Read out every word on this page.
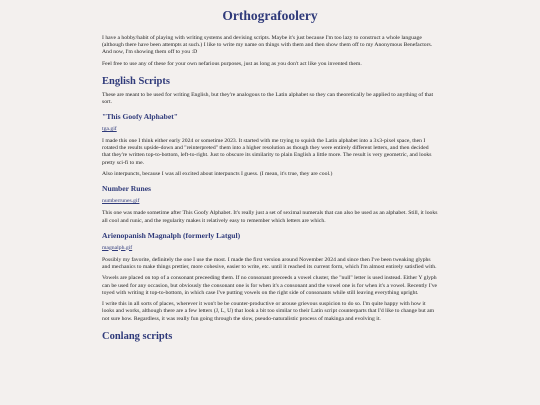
Orthografoolery

I have a hobby/habit of playing with writing systems and devising scripts. Maybe it's just because I'm too lazy to construct a whole language (although there have been attempts at such.) I like to write my name on things with them and then show them off to my Anonymous Benefactors. And now, I'm showing them off to you :D

Feel free to use any of these for your own nefarious purposes, just as long as you don't act like you invented them.

English Scripts

These are meant to be used for writing English, but they're analogous to the Latin alphabet so they can theoretically be applied to anything of that sort.

"This Goofy Alphabet"

tga.gif

I made this one I think either early 2024 or sometime 2023. It started with me trying to squish the Latin alphabet into a 3x3-pixel space, then I rotated the results upside-down and "reinterpreted" them into a higher resolution as though they were entirely different letters, and then decided that they're written top-to-bottom, left-to-right. Just to obscure its similarity to plain English a little more. The result is very geometric, and looks pretty sci-fi to me.

Also interpuncts, because I was all excited about interpuncts I guess. (I mean, it's true, they are cool.)

Number Runes

numberrunes.gif

This one was made sometime after This Goofy Alphabet. It's really just a set of seximal numerals that can also be used as an alphabet. Still, it looks all cool and runic, and the regularity makes it relatively easy to remember which letters are which.

Arienopanish Magnalph (formerly Latgul)

magnalph.gif

Possibly my favorite, definitely the one I use the most. I made the first version around November 2024 and since then I've been tweaking glyphs and mechanics to make things prettier, more cohesive, easier to write, etc. until it reached its current form, which I'm almost entirely satisfied with.

Vowels are placed on top of a consonant preceeding them. If no consonant preceeds a vowel cluster, the "null" letter is used instead. Either Y glyph can be used for any occasion, but obviously the consonant one is for when it's a consonant and the vowel one is for when it's a vowel. Recently I've toyed with writing it top-to-bottom, in which case I've putting vowels on the right side of consonants while still leaving everything upright.

I write this in all sorts of places, wherever it won't be be counter-productive or arouse grievous suspicion to do so. I'm quite happy with how it looks and works, although there are a few letters (J, L, U) that look a bit too similar to their Latin script counterparts that I'd like to change but am not sure how. Regardless, it was really fun going through the slow, pseudo-naturalistic process of makinga and evolving it.

Conlang scripts
